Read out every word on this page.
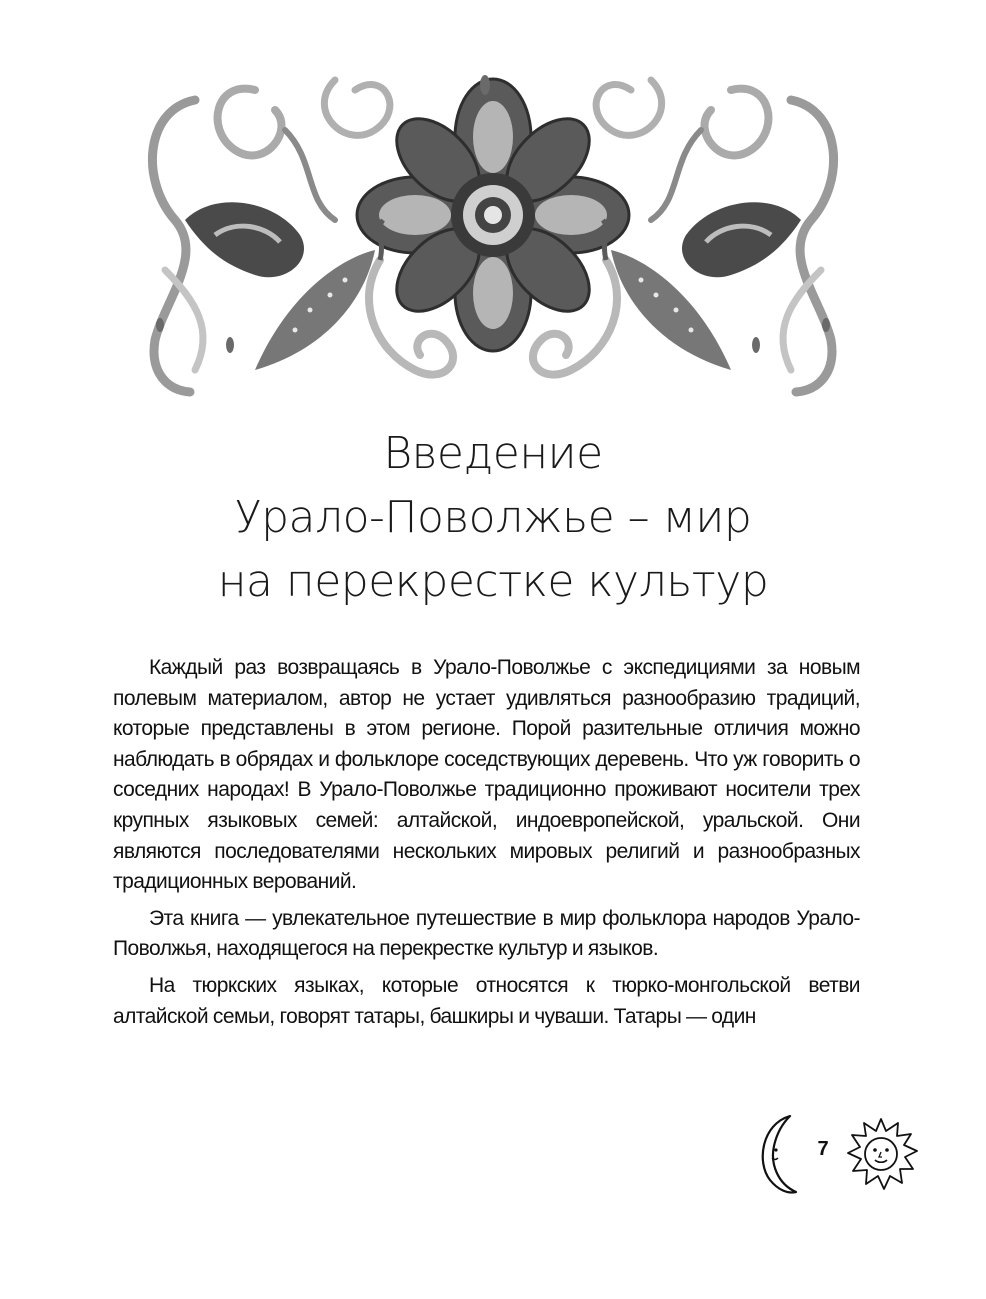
Введение
Урало-Поволжье – мир
на перекрестке культур

Каждый раз возвращаясь в Урало-Поволжье с экспедициями за новым полевым материалом, автор не устает удивляться разнообразию традиций, которые представлены в этом регионе. Порой разительные отличия можно наблюдать в обрядах и фольклоре соседствующих деревень. Что уж говорить о соседних народах! В Урало-Поволжье традиционно проживают носители трех крупных языковых семей: алтайской, индоевропейской, уральской. Они являются последователями нескольких мировых религий и разнообразных традиционных верований.

Эта книга — увлекательное путешествие в мир фольклора народов Урало-Поволжья, находящегося на перекрестке культур и языков.

На тюркских языках, которые относятся к тюрко-монгольской ветви алтайской семьи, говорят татары, башкиры и чуваши. Татары — один

7
